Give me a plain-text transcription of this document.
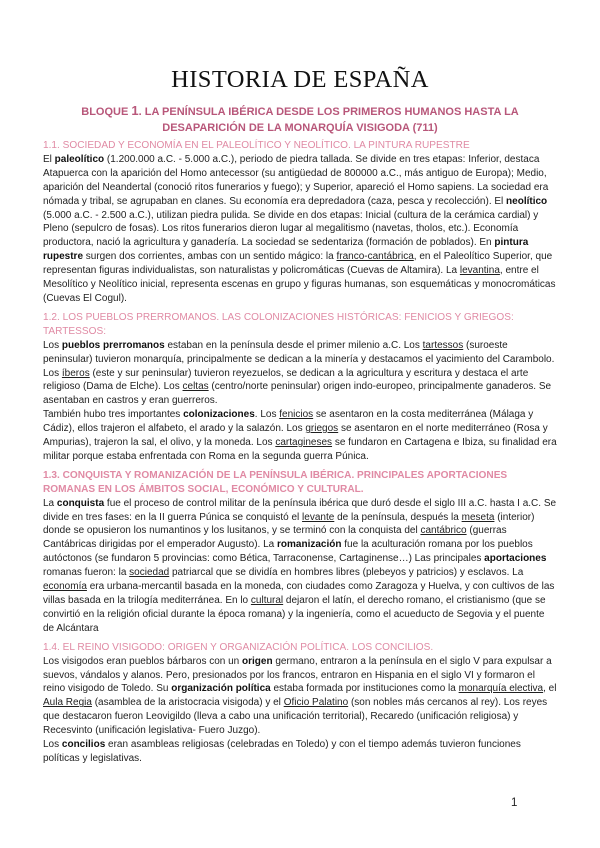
HISTORIA DE ESPAÑA
BLOQUE 1. LA PENÍNSULA IBÉRICA DESDE LOS PRIMEROS HUMANOS HASTA LA DESAPARICIÓN DE LA MONARQUÍA VISIGODA (711)
1.1. SOCIEDAD Y ECONOMÍA EN EL PALEOLÍTICO Y NEOLÍTICO. LA PINTURA RUPESTRE

El paleolítico (1.200.000 a.C. - 5.000 a.C.), periodo de piedra tallada. Se divide en tres etapas: Inferior, destaca Atapuerca con la aparición del Homo antecessor (su antigüedad de 800000 a.C., más antiguo de Europa); Medio, aparición del Neandertal (conoció ritos funerarios y fuego); y Superior, apareció el Homo sapiens. La sociedad era nómada y tribal, se agrupaban en clanes. Su economía era depredadora (caza, pesca y recolección). El neolítico (5.000 a.C. - 2.500 a.C.), utilizan piedra pulida. Se divide en dos etapas: Inicial (cultura de la cerámica cardial) y Pleno (sepulcro de fosas). Los ritos funerarios dieron lugar al megalitismo (navetas, tholos, etc.). Economía productora, nació la agricultura y ganadería. La sociedad se sedentariza (formación de poblados). En pintura rupestre surgen dos corrientes, ambas con un sentido mágico: la franco-cantábrica, en el Paleolítico Superior, que representan figuras individualistas, son naturalistas y policromáticas (Cuevas de Altamira). La levantina, entre el Mesolítico y Neolítico inicial, representa escenas en grupo y figuras humanas, son esquemáticas y monocromáticas (Cuevas El Cogul).

1.2. LOS PUEBLOS PRERROMANOS. LAS COLONIZACIONES HISTÓRICAS: FENICIOS Y GRIEGOS: TARTESSOS:

Los pueblos prerromanos estaban en la península desde el primer milenio a.C. Los tartessos (suroeste peninsular) tuvieron monarquía, principalmente se dedican a la minería y destacamos el yacimiento del Carambolo. Los íberos (este y sur peninsular) tuvieron reyezuelos, se dedican a la agricultura y escritura y destaca el arte religioso (Dama de Elche). Los celtas (centro/norte peninsular) origen indo-europeo, principalmente ganaderos. Se asentaban en castros y eran guerreros.

También hubo tres importantes colonizaciones. Los fenicios se asentaron en la costa mediterránea (Málaga y Cádiz), ellos trajeron el alfabeto, el arado y la salazón. Los griegos se asentaron en el norte mediterráneo (Rosa y Ampurias), trajeron la sal, el olivo, y la moneda. Los cartagineses se fundaron en Cartagena e Ibiza, su finalidad era militar porque estaba enfrentada con Roma en la segunda guerra Púnica.

1.3. CONQUISTA Y ROMANIZACIÓN DE LA PENÍNSULA IBÉRICA. PRINCIPALES APORTACIONES ROMANAS EN LOS ÁMBITOS SOCIAL, ECONÓMICO Y CULTURAL.

La conquista fue el proceso de control militar de la península ibérica que duró desde el siglo III a.C. hasta I a.C. Se divide en tres fases: en la II guerra Púnica se conquistó el levante de la península, después la meseta (interior) donde se opusieron los numantinos y los lusitanos, y se terminó con la conquista del cantábrico (guerras Cantábricas dirigidas por el emperador Augusto). La romanización fue la aculturación romana por los pueblos autóctonos (se fundaron 5 provincias: como Bética, Tarraconense, Cartaginense…) Las principales aportaciones romanas fueron: la sociedad patriarcal que se dividía en hombres libres (plebeyos y patricios) y esclavos. La economía era urbana-mercantil basada en la moneda, con ciudades como Zaragoza y Huelva, y con cultivos de las villas basada en la trilogía mediterránea. En lo cultural dejaron el latín, el derecho romano, el cristianismo (que se convirtió en la religión oficial durante la época romana) y la ingeniería, como el acueducto de Segovia y el puente de Alcántara

1.4. EL REINO VISIGODO: ORIGEN Y ORGANIZACIÓN POLÍTICA. LOS CONCILIOS.

Los visigodos eran pueblos bárbaros con un origen germano, entraron a la península en el siglo V para expulsar a suevos, vándalos y alanos. Pero, presionados por los francos, entraron en Hispania en el siglo VI y formaron el reino visigodo de Toledo. Su organización política estaba formada por instituciones como la monarquía electiva, el Aula Regia (asamblea de la aristocracia visigoda) y el Oficio Palatino (son nobles más cercanos al rey). Los reyes que destacaron fueron Leovigildo (lleva a cabo una unificación territorial), Recaredo (unificación religiosa) y Recesvinto (unificación legislativa- Fuero Juzgo).

Los concilios eran asambleas religiosas (celebradas en Toledo) y con el tiempo además tuvieron funciones políticas y legislativas.

1
